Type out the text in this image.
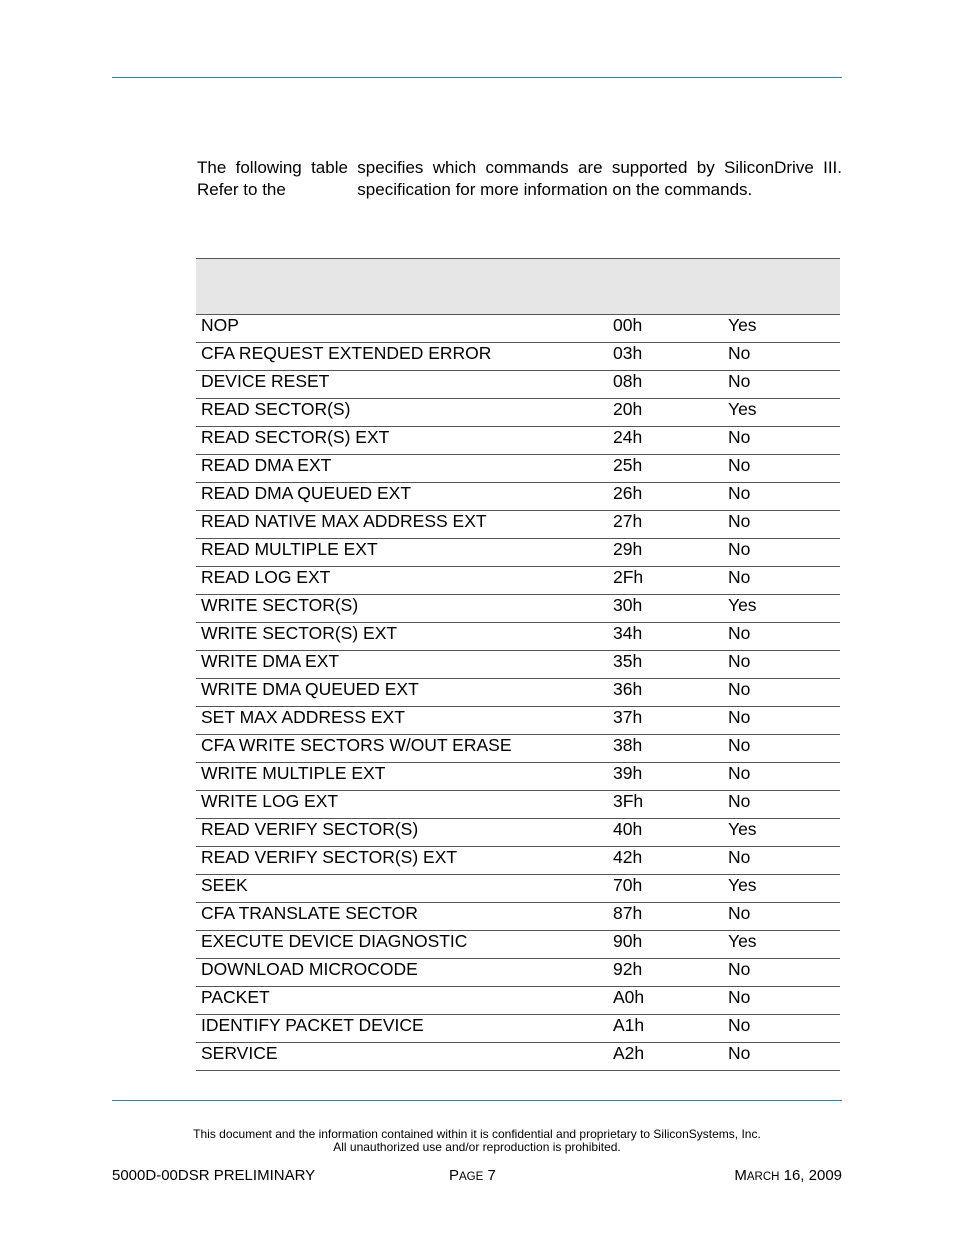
The following table specifies which commands are supported by SiliconDrive III. Refer to the	specification for more information on the commands.

NOP	00h	Yes
CFA REQUEST EXTENDED ERROR	03h	No
DEVICE RESET	08h	No
READ SECTOR(S)	20h	Yes
READ SECTOR(S) EXT	24h	No
READ DMA EXT	25h	No
READ DMA QUEUED EXT	26h	No
READ NATIVE MAX ADDRESS EXT	27h	No
READ MULTIPLE EXT	29h	No
READ LOG EXT	2Fh	No
WRITE SECTOR(S)	30h	Yes
WRITE SECTOR(S) EXT	34h	No
WRITE DMA EXT	35h	No
WRITE DMA QUEUED EXT	36h	No
SET MAX ADDRESS EXT	37h	No
CFA WRITE SECTORS W/OUT ERASE	38h	No
WRITE MULTIPLE EXT	39h	No
WRITE LOG EXT	3Fh	No
READ VERIFY SECTOR(S)	40h	Yes
READ VERIFY SECTOR(S) EXT	42h	No
SEEK	70h	Yes
CFA TRANSLATE SECTOR	87h	No
EXECUTE DEVICE DIAGNOSTIC	90h	Yes
DOWNLOAD MICROCODE	92h	No
PACKET	A0h	No
IDENTIFY PACKET DEVICE	A1h	No
SERVICE	A2h	No
This document and the information contained within it is confidential and proprietary to SiliconSystems, Inc.
All unauthorized use and/or reproduction is prohibited.
5000D-00DSR PRELIMINARY	PAGE 7	MARCH 16, 2009
